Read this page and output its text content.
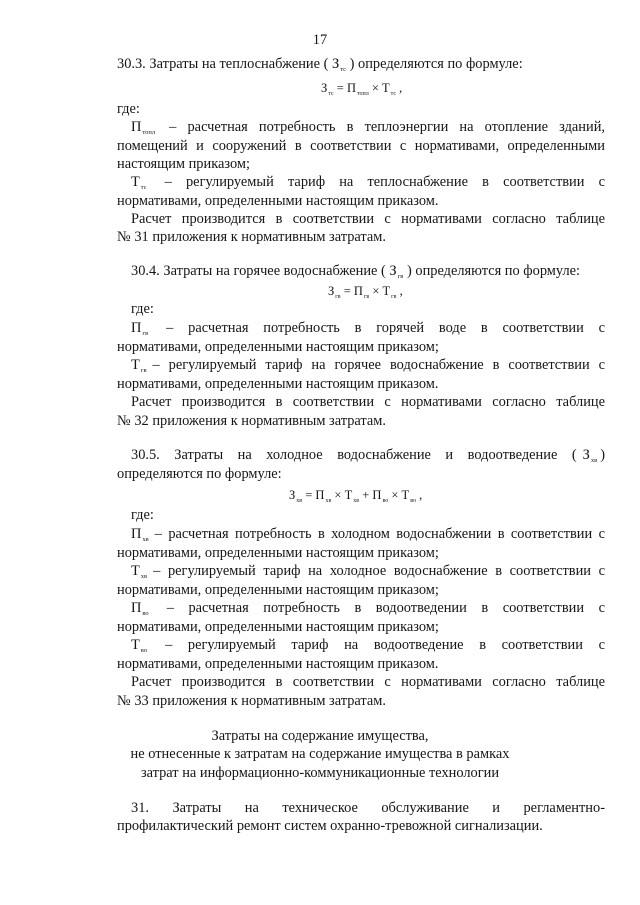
17
30.3. Затраты на теплоснабжение ( $З_{тс}$ ) определяются по формуле:
$З_{тс} = П_{топл} \times Т_{тс}$ ,
где:
$П_{топл}$ – расчетная потребность в теплоэнергии на отопление зданий,
помещений и сооружений в соответствии с нормативами, определенными
настоящим приказом;
$Т_{тс}$ – регулируемый тариф на теплоснабжение в соответствии с
нормативами, определенными настоящим приказом.
Расчет производится в соответствии с нормативами согласно таблице
№ 31 приложения к нормативным затратам.
30.4. Затраты на горячее водоснабжение ( $З_{гв}$ ) определяются по формуле:
$З_{гв} = П_{гв} \times Т_{гв}$ ,
где:
$П_{гв}$ – расчетная потребность в горячей воде в соответствии с
нормативами, определенными настоящим приказом;
$Т_{гв}$ – регулируемый тариф на горячее водоснабжение в соответствии с
нормативами, определенными настоящим приказом.
Расчет производится в соответствии с нормативами согласно таблице
№ 32 приложения к нормативным затратам.
30.5. Затраты на холодное водоснабжение и водоотведение ( $З_{хв}$ )
определяются по формуле:
$З_{хв} = П_{хв} \times Т_{хв} + П_{во} \times Т_{во}$ ,
где:
$П_{хв}$ – расчетная потребность в холодном водоснабжении в соответствии с
нормативами, определенными настоящим приказом;
$Т_{хв}$ – регулируемый тариф на холодное водоснабжение в соответствии с
нормативами, определенными настоящим приказом;
$П_{во}$ – расчетная потребность в водоотведении в соответствии с
нормативами, определенными настоящим приказом;
$Т_{во}$ – регулируемый тариф на водоотведение в соответствии с
нормативами, определенными настоящим приказом.
Расчет производится в соответствии с нормативами согласно таблице
№ 33 приложения к нормативным затратам.
Затраты на содержание имущества,
не отнесенные к затратам на содержание имущества в рамках
затрат на информационно-коммуникационные технологии
31. Затраты на техническое обслуживание и регламентно-
профилактический ремонт систем охранно-тревожной сигнализации.
